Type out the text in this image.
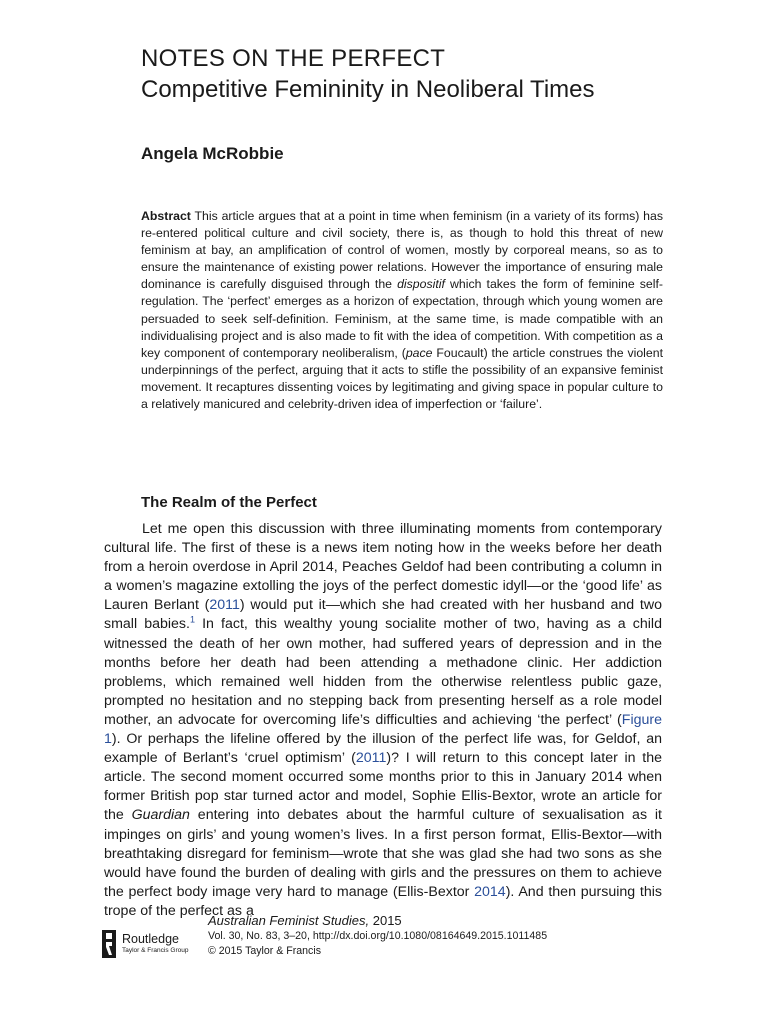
NOTES ON THE PERFECT
Competitive Femininity in Neoliberal Times

Angela McRobbie

Abstract This article argues that at a point in time when feminism (in a variety of its forms) has re-entered political culture and civil society, there is, as though to hold this threat of new feminism at bay, an amplification of control of women, mostly by corporeal means, so as to ensure the maintenance of existing power relations. However the importance of ensuring male dominance is carefully disguised through the dispositif which takes the form of feminine self-regulation. The ‘perfect’ emerges as a horizon of expectation, through which young women are persuaded to seek self-definition. Feminism, at the same time, is made compatible with an individualising project and is also made to fit with the idea of competition. With competition as a key component of contemporary neoliberalism, (pace Foucault) the article construes the violent underpinnings of the perfect, arguing that it acts to stifle the possibility of an expansive feminist movement. It recaptures dissenting voices by legitimating and giving space in popular culture to a relatively manicured and celebrity-driven idea of imperfection or ‘failure’.

The Realm of the Perfect

Let me open this discussion with three illuminating moments from contemporary cultural life. The first of these is a news item noting how in the weeks before her death from a heroin overdose in April 2014, Peaches Geldof had been contributing a column in a women’s magazine extolling the joys of the perfect domestic idyll—or the ‘good life’ as Lauren Berlant (2011) would put it—which she had created with her husband and two small babies.$^1$ In fact, this wealthy young socialite mother of two, having as a child witnessed the death of her own mother, had suffered years of depression and in the months before her death had been attending a methadone clinic. Her addiction problems, which remained well hidden from the otherwise relentless public gaze, prompted no hesitation and no stepping back from presenting herself as a role model mother, an advocate for overcoming life’s difficulties and achieving ‘the perfect’ (Figure 1). Or perhaps the lifeline offered by the illusion of the perfect life was, for Geldof, an example of Berlant’s ‘cruel optimism’ (2011)? I will return to this concept later in the article. The second moment occurred some months prior to this in January 2014 when former British pop star turned actor and model, Sophie Ellis-Bextor, wrote an article for the Guardian entering into debates about the harmful culture of sexualisation as it impinges on girls’ and young women’s lives. In a first person format, Ellis-Bextor—with breathtaking disregard for feminism—wrote that she was glad she had two sons as she would have found the burden of dealing with girls and the pressures on them to achieve the perfect body image very hard to manage (Ellis-Bextor 2014). And then pursuing this trope of the perfect as a

Routledge
Taylor & Francis Group

Australian Feminist Studies, 2015

Vol. 30, No. 83, 3–20, http://dx.doi.org/10.1080/08164649.2015.1011485

© 2015 Taylor & Francis
